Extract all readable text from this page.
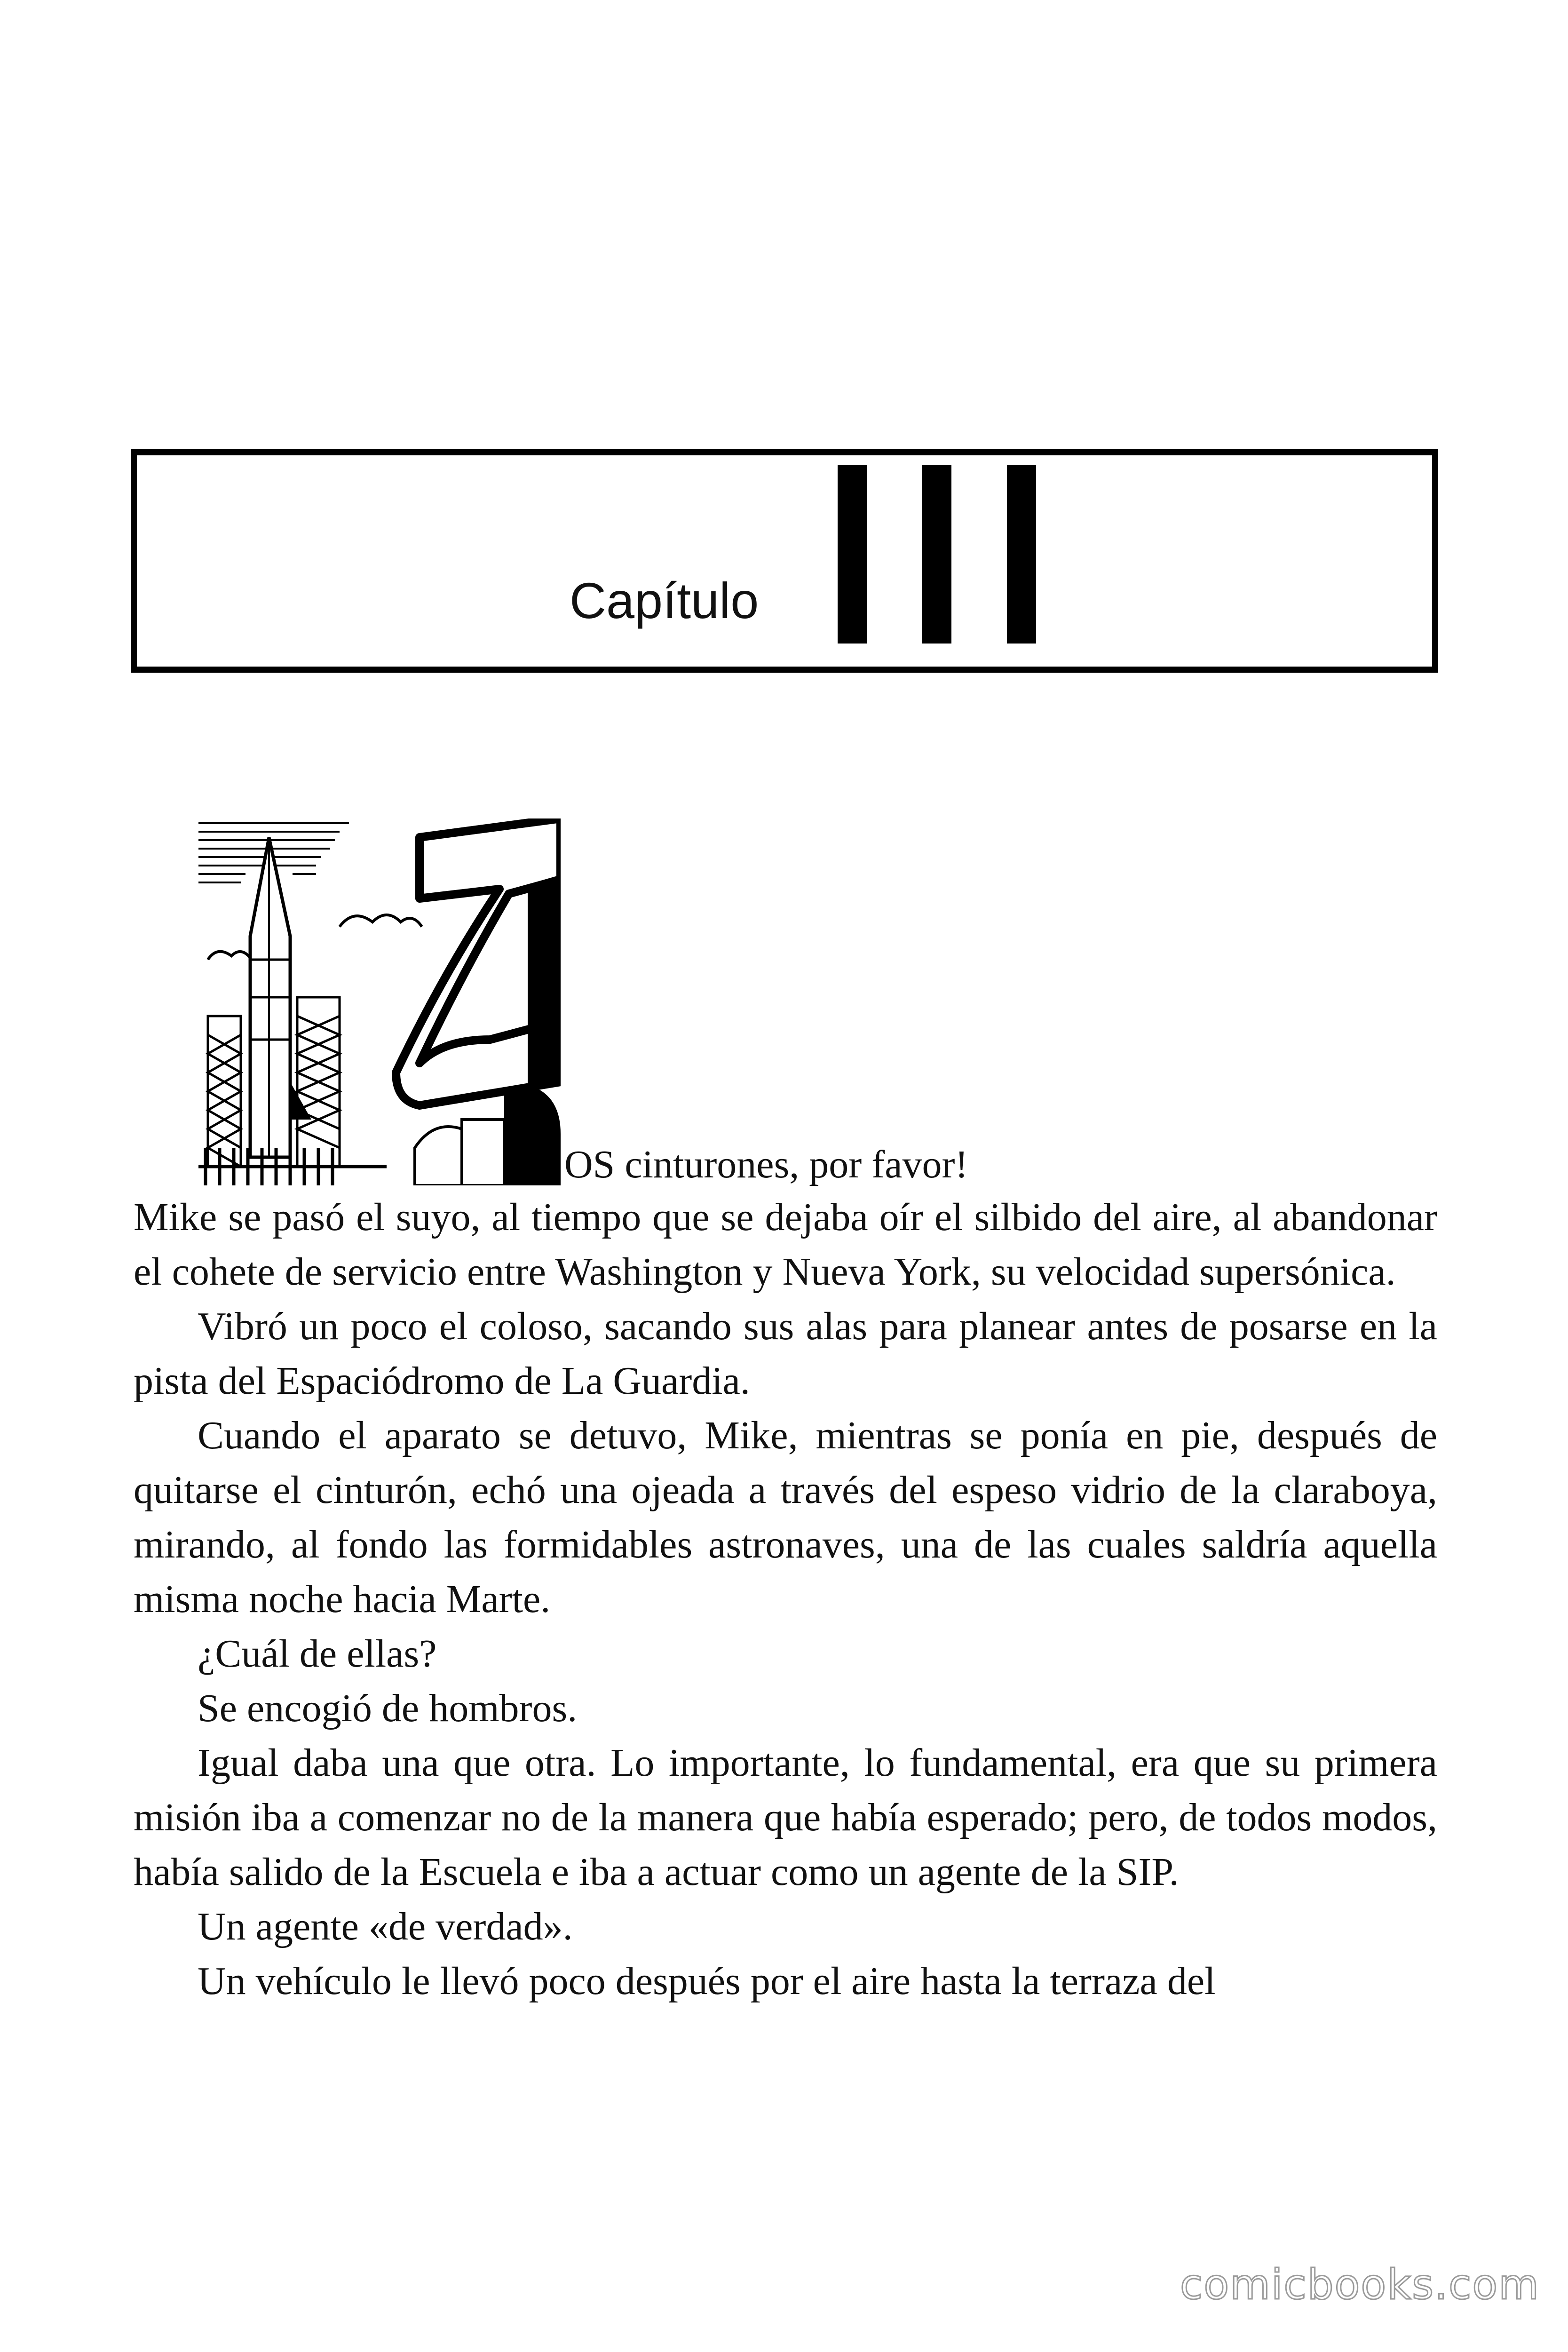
Capítulo
OS cinturones, por favor!

Mike se pasó el suyo, al tiempo que se dejaba oír el silbido del aire, al abandonar el cohete de servicio entre Washington y Nueva York, su velocidad supersónica.

Vibró un poco el coloso, sacando sus alas para planear antes de posarse en la pista del Espaciódromo de La Guardia.

Cuando el aparato se detuvo, Mike, mientras se ponía en pie, después de quitarse el cinturón, echó una ojeada a través del espeso vidrio de la claraboya, mirando, al fondo las formidables astronaves, una de las cuales saldría aquella misma noche hacia Marte.

¿Cuál de ellas?

Se encogió de hombros.

Igual daba una que otra. Lo importante, lo fundamental, era que su primera misión iba a comenzar no de la manera que había esperado; pero, de todos modos, había salido de la Escuela e iba a actuar como un agente de la SIP.

Un agente «de verdad».

Un vehículo le llevó poco después por el aire hasta la terraza del

comicbooks.com
